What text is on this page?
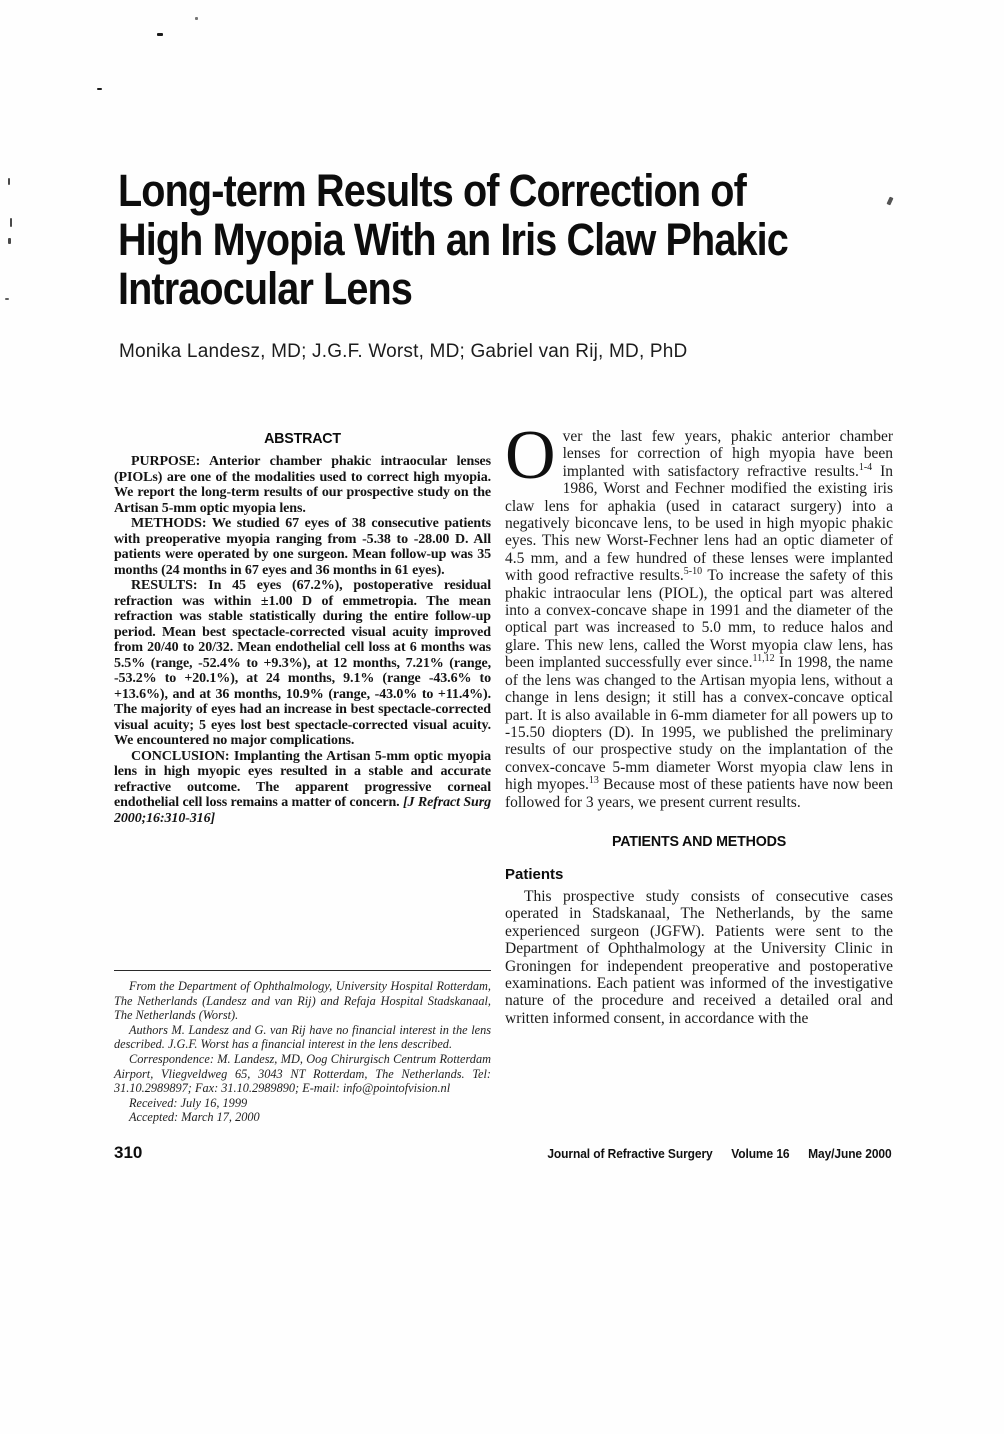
Long-term Results of Correction of
High Myopia With an Iris Claw Phakic
Intraocular Lens
Monika Landesz, MD; J.G.F. Worst, MD; Gabriel van Rij, MD, PhD
ABSTRACT

PURPOSE: Anterior chamber phakic intraocular lenses (PIOLs) are one of the modalities used to correct high myopia. We report the long-term results of our prospective study on the Artisan 5-mm optic myopia lens.

METHODS: We studied 67 eyes of 38 consecutive patients with preoperative myopia ranging from -5.38 to -28.00 D. All patients were operated by one surgeon. Mean follow-up was 35 months (24 months in 67 eyes and 36 months in 61 eyes).

RESULTS: In 45 eyes (67.2%), postoperative residual refraction was within ±1.00 D of emmetropia. The mean refraction was stable statistically during the entire follow-up period. Mean best spectacle-corrected visual acuity improved from 20/40 to 20/32. Mean endothelial cell loss at 6 months was 5.5% (range, -52.4% to +9.3%), at 12 months, 7.21% (range, -53.2% to +20.1%), at 24 months, 9.1% (range -43.6% to +13.6%), and at 36 months, 10.9% (range, -43.0% to +11.4%). The majority of eyes had an increase in best spectacle-corrected visual acuity; 5 eyes lost best spectacle-corrected visual acuity. We encountered no major complications.

CONCLUSION: Implanting the Artisan 5-mm optic myopia lens in high myopic eyes resulted in a stable and accurate refractive outcome. The apparent progressive corneal endothelial cell loss remains a matter of concern. [J Refract Surg 2000;16:310-316]

Over the last few years, phakic anterior chamber lenses for correction of high myopia have been implanted with satisfactory refractive results.$^{1-4}$ In 1986, Worst and Fechner modified the existing iris claw lens for aphakia (used in cataract surgery) into a negatively biconcave lens, to be used in high myopic phakic eyes. This new Worst-Fechner lens had an optic diameter of 4.5 mm, and a few hundred of these lenses were implanted with good refractive results.$^{5-10}$ To increase the safety of this phakic intraocular lens (PIOL), the optical part was altered into a convex-concave shape in 1991 and the diameter of the optical part was increased to 5.0 mm, to reduce halos and glare. This new lens, called the Worst myopia claw lens, has been implanted successfully ever since.$^{11,12}$ In 1998, the name of the lens was changed to the Artisan myopia lens, without a change in lens design; it still has a convex-concave optical part. It is also available in 6-mm diameter for all powers up to -15.50 diopters (D). In 1995, we published the preliminary results of our prospective study on the implantation of the convex-concave 5-mm diameter Worst myopia claw lens in high myopes.$^{13}$ Because most of these patients have now been followed for 3 years, we present current results.

PATIENTS AND METHODS
Patients

This prospective study consists of consecutive cases operated in Stadskanaal, The Netherlands, by the same experienced surgeon (JGFW). Patients were sent to the Department of Ophthalmology at the University Clinic in Groningen for independent preoperative and postoperative examinations. Each patient was informed of the investigative nature of the procedure and received a detailed oral and written informed consent, in accordance with the

From the Department of Ophthalmology, University Hospital Rotterdam, The Netherlands (Landesz and van Rij) and Refaja Hospital Stadskanaal, The Netherlands (Worst).

Authors M. Landesz and G. van Rij have no financial interest in the lens described. J.G.F. Worst has a financial interest in the lens described.

Correspondence: M. Landesz, MD, Oog Chirurgisch Centrum Rotterdam Airport, Vliegveldweg 65, 3043 NT Rotterdam, The Netherlands. Tel: 31.10.2989897; Fax: 31.10.2989890; E-mail: info@pointofvision.nl

Received: July 16, 1999

Accepted: March 17, 2000

310	Journal of Refractive Surgery Volume 16 May/June 2000
